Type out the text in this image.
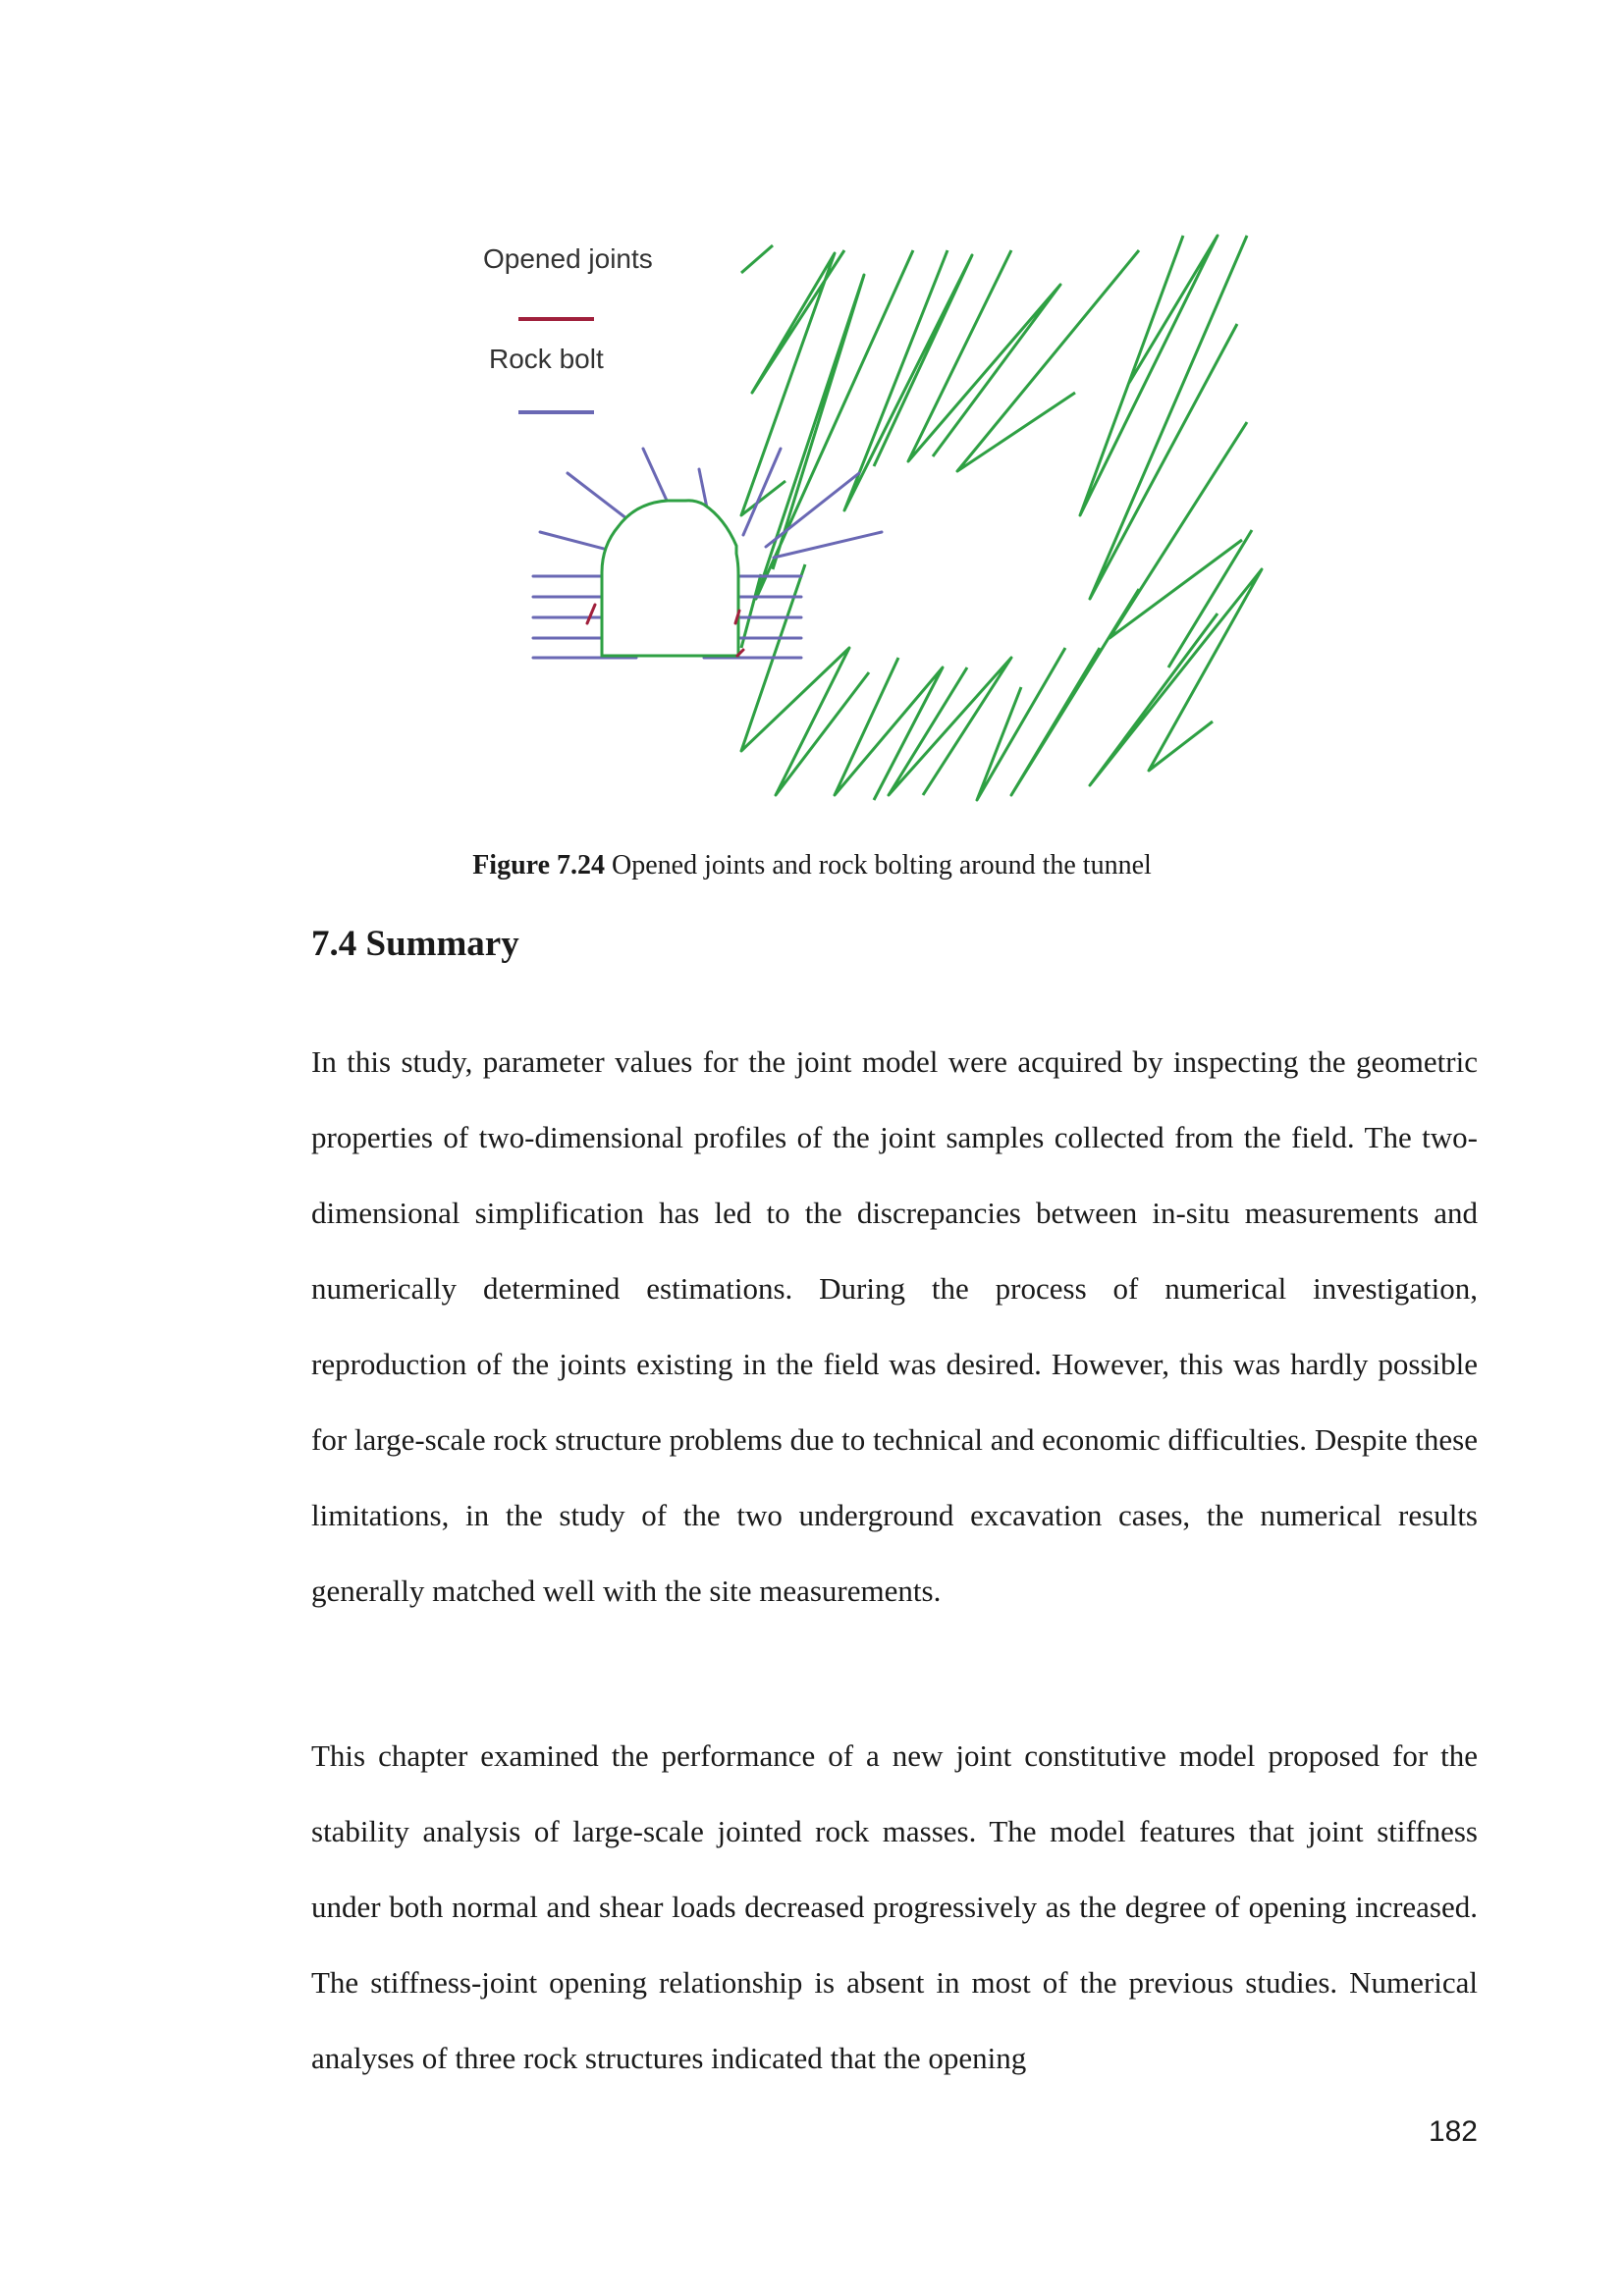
Opened joints
Rock bolt
Figure 7.24 Opened joints and rock bolting around the tunnel
7.4 Summary

In this study, parameter values for the joint model were acquired by inspecting the geometric properties of two-dimensional profiles of the joint samples collected from the field. The two-dimensional simplification has led to the discrepancies between in-situ measurements and numerically determined estimations. During the process of numerical investigation, reproduction of the joints existing in the field was desired. However, this was hardly possible for large-scale rock structure problems due to technical and economic difficulties. Despite these limitations, in the study of the two underground excavation cases, the numerical results generally matched well with the site measurements.

This chapter examined the performance of a new joint constitutive model proposed for the stability analysis of large-scale jointed rock masses. The model features that joint stiffness under both normal and shear loads decreased progressively as the degree of opening increased. The stiffness-joint opening relationship is absent in most of the previous studies. Numerical analyses of three rock structures indicated that the opening

182
